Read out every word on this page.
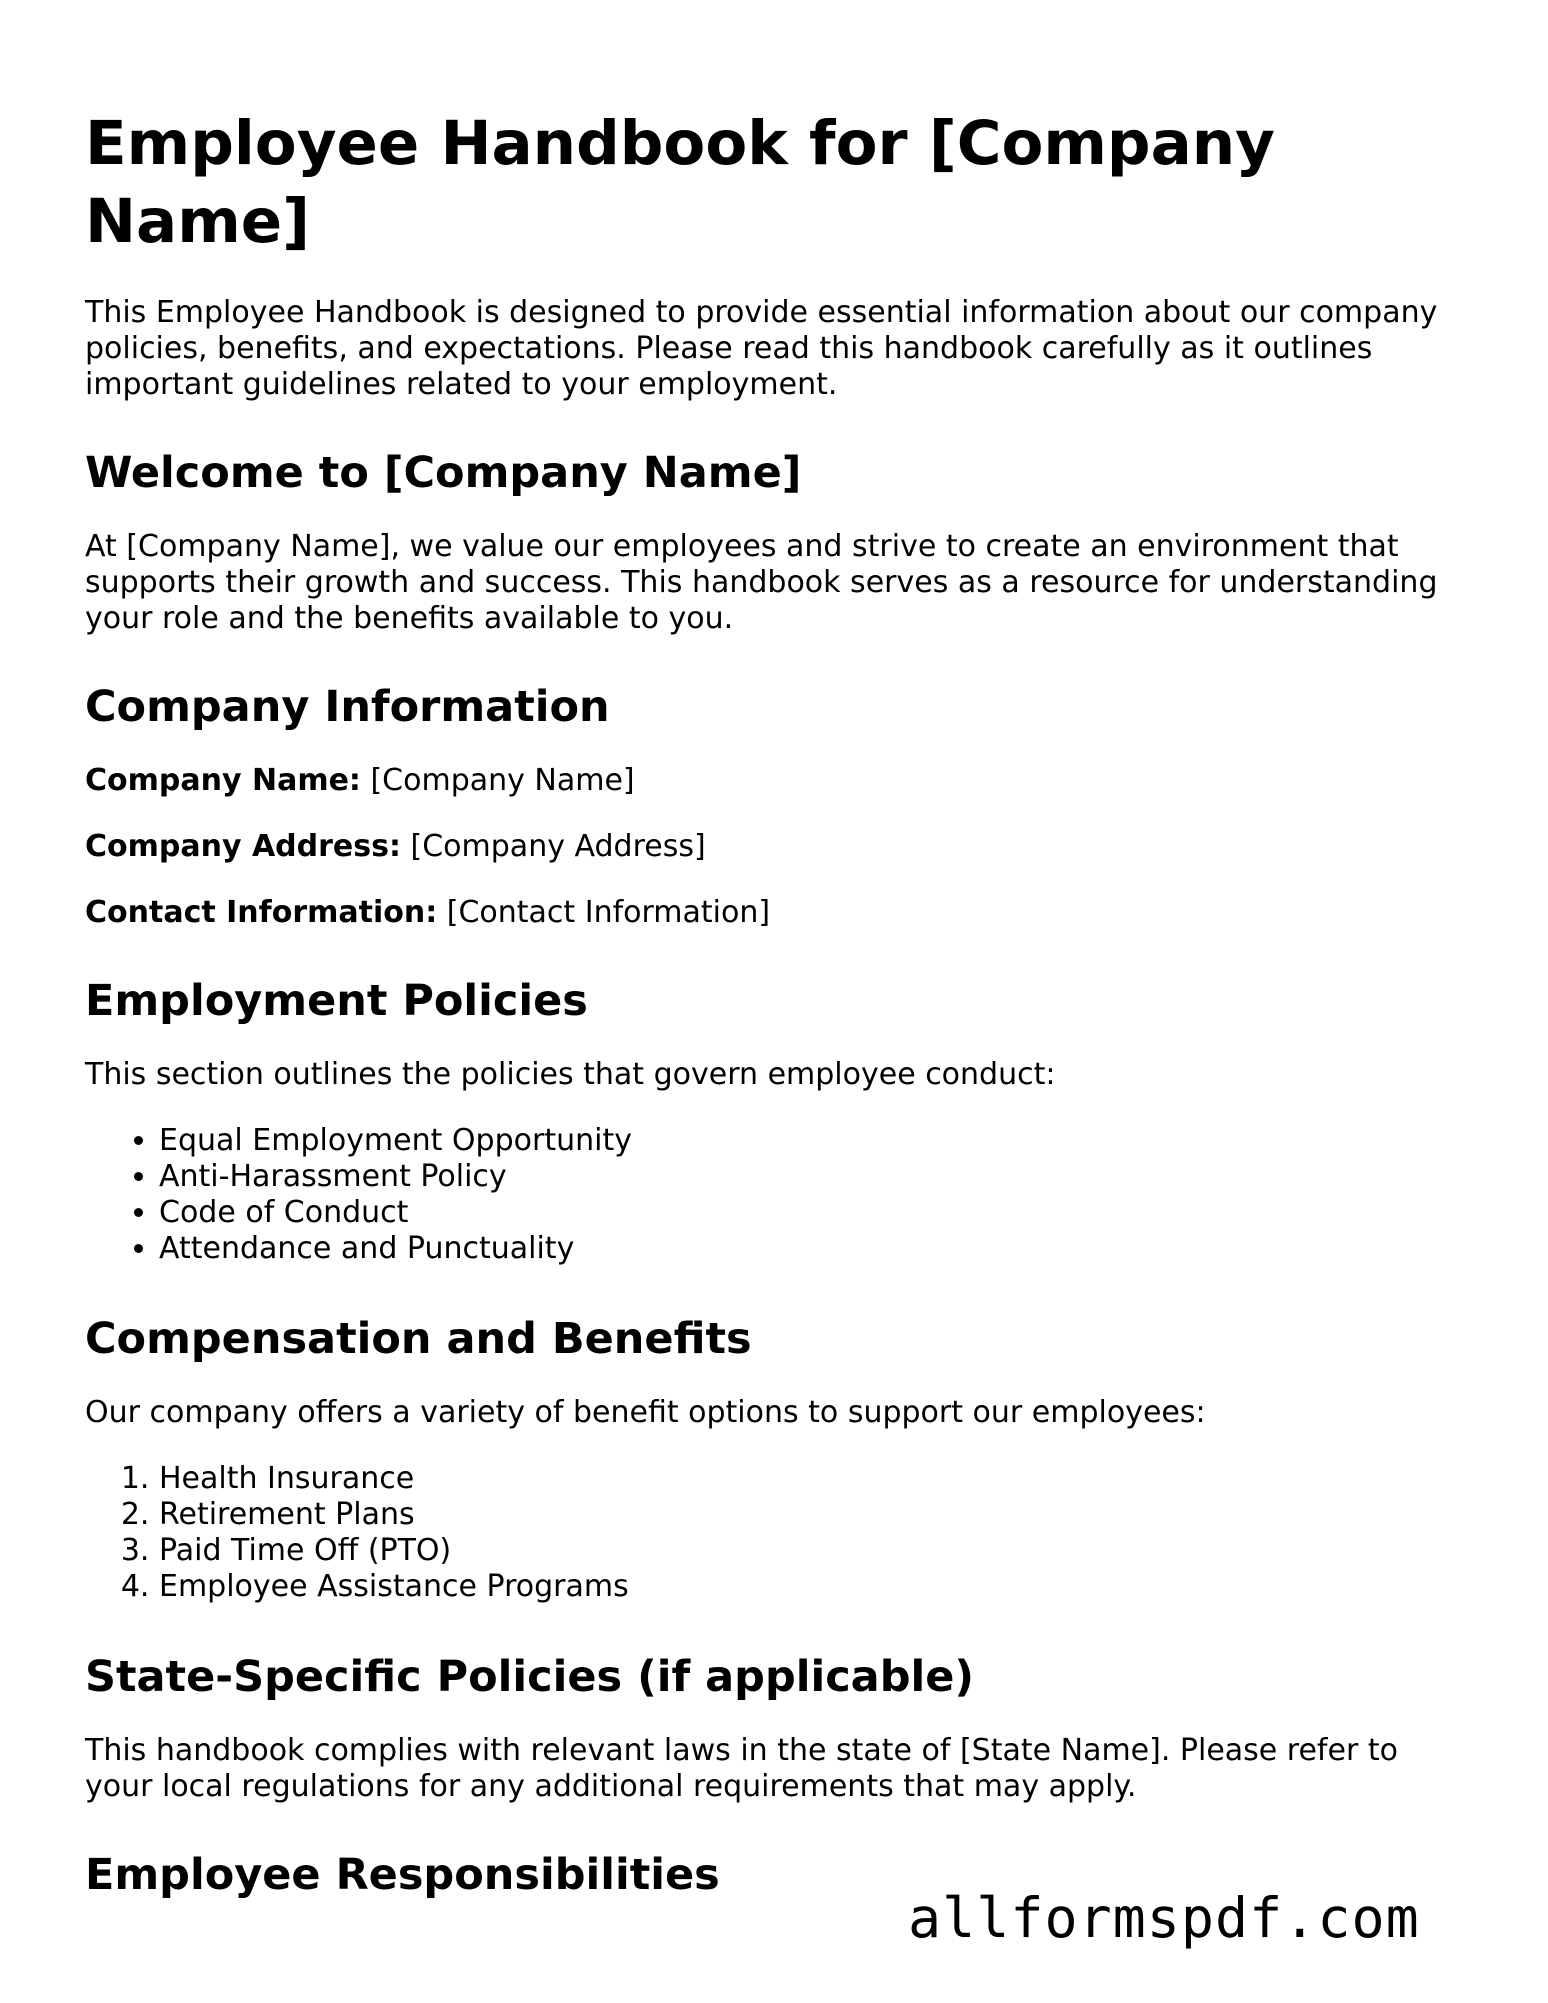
Employee Handbook for [Company Name]

This Employee Handbook is designed to provide essential information about our company policies, benefits, and expectations. Please read this handbook carefully as it outlines important guidelines related to your employment.

Welcome to [Company Name]

At [Company Name], we value our employees and strive to create an environment that supports their growth and success. This handbook serves as a resource for understanding your role and the benefits available to you.

Company Information

Company Name: [Company Name]

Company Address: [Company Address]

Contact Information: [Contact Information]

Employment Policies

This section outlines the policies that govern employee conduct:

• Equal Employment Opportunity
• Anti-Harassment Policy
• Code of Conduct
• Attendance and Punctuality
Compensation and Benefits

Our company offers a variety of benefit options to support our employees:

1. Health Insurance
2. Retirement Plans
3. Paid Time Off (PTO)
4. Employee Assistance Programs
State-Specific Policies (if applicable)

This handbook complies with relevant laws in the state of [State Name]. Please refer to your local regulations for any additional requirements that may apply.

Employee Responsibilities
allformspdf.com
